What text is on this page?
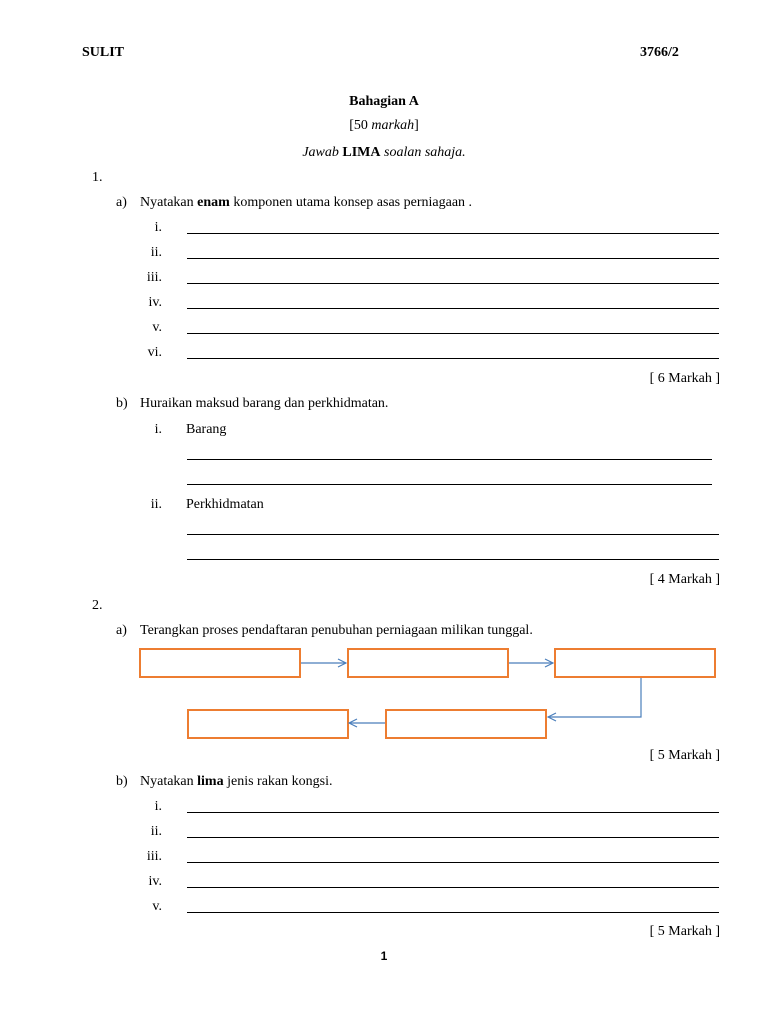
SULIT	3766/2
Bahagian A
[50 markah]
Jawab LIMA soalan sahaja.
1.
a) Nyatakan enam komponen utama konsep asas perniagaan .
i.
ii.
iii.
iv.
v.
vi.
[ 6 Markah ]
b) Huraikan maksud barang dan perkhidmatan.
i. Barang
ii. Perkhidmatan
[ 4 Markah ]
2.
a) Terangkan proses pendaftaran penubuhan perniagaan milikan tunggal.
[ 5 Markah ]
b) Nyatakan lima jenis rakan kongsi.
i.
ii.
iii.
iv.
v.
[ 5 Markah ]
1
